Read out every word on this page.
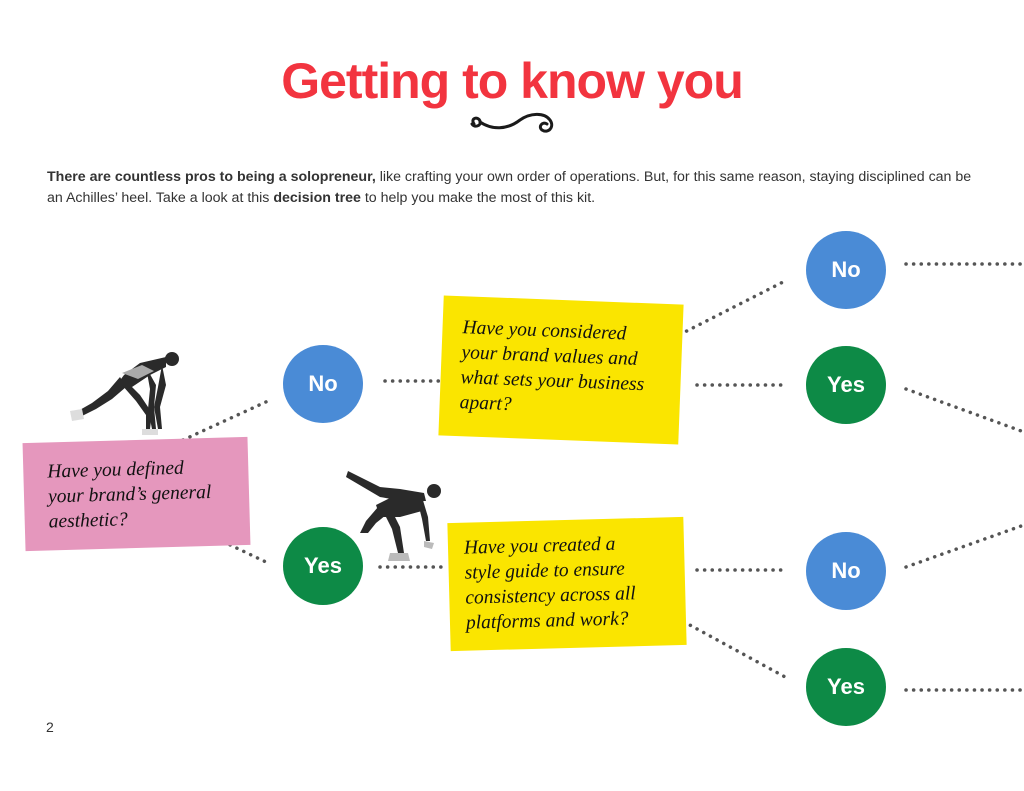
Getting to know you

There are countless pros to being a solopreneur, like crafting your own order of operations. But, for this same reason, staying disciplined can be an Achilles’ heel. Take a look at this decision tree to help you make the most of this kit.

Have you defined
your brand’s general
aesthetic?
Have you considered
your brand values and
what sets your business
apart?
Have you created a
style guide to ensure
consistency across all
platforms and work?
No
Yes
No
Yes
No
Yes
2
